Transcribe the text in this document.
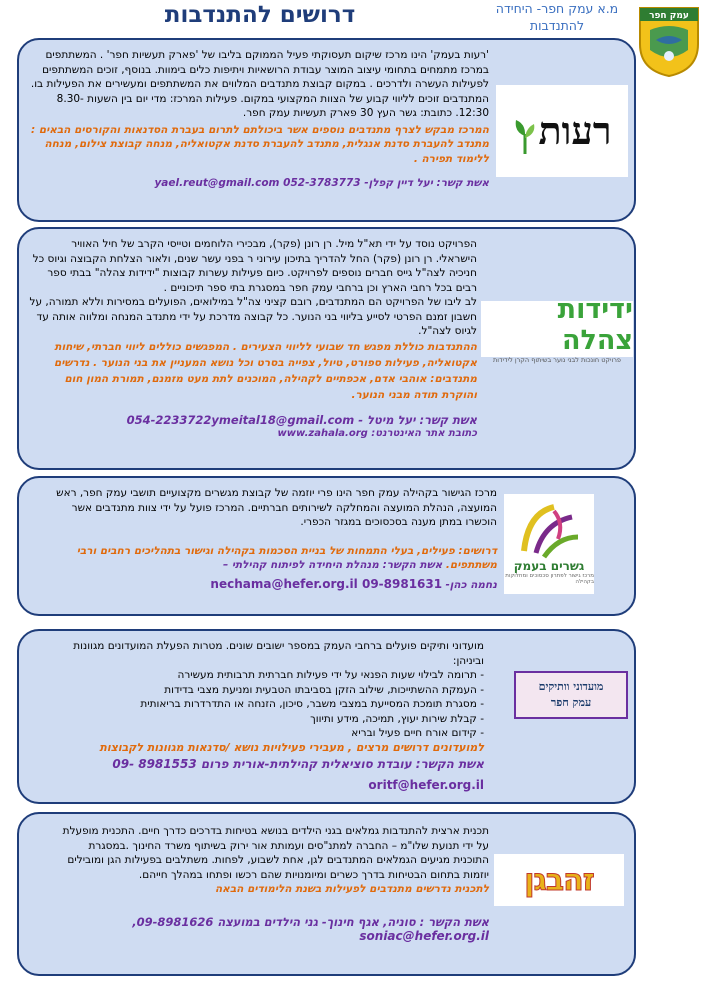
דרושים להתנדבות	מ.א עמק חפר- היחידה
להתנדבות
עמק חפר
רעות

'רעות בעמק' הינו מרכז שיקום תעסוקתי פעיל הממוקם בליבו של 'פארק תעשיות חפר' . המשתתפים במרכז מתמחים בתחומי עיצוב המוצר עבודת הרושאיות ויתיפות כלים בימוות. בנוסף, זוכים המשתתפים לפעילות העשרה ולדרכים . במקום קבוצת מתנדבים המלווים את המשתתפים ומעשירים את הפעילות בו. המתנדבים זוכים לליווי קבוע של הצוות המקצועי במקום. פעילות המרכז: מדי יום בין השעות 8.30-12:30. כתובת: גשר העץ 30 פארק תעשיות עמק חפר.

המרכז מבקש לצרף מתנדבים נוספים אשר ביכולתם לתרום בעברת הסדנאות והקורסים הבאים : מתנדב להעברת סדנת אנגלית, מתנדב להעברת סדנת אקטואליה, מנחה קבוצת צילום, מנחה ללימוד תפירה .

אשת קשר: יעל דיין קפלן- 052-3783773 yael.reut@gmail.com

ידידות צהלה
פרויקט חונכות לבני נוער בשיתוף הקרן לידידות

הפרויקט נוסד על ידי תא"ל מיל. רן רונן (פקר), מבכירי הלוחמים וטייסי הקרב של חיל האוויר הישראלי. רן רונן (פקר) החל להדריך בתיכון עירוני ר בפני עשר שנים, ולאור הצלחת הקבוצה וגיוס כל חניכיה לצה"ל גייס חברים נוספים לפרויקט. כיום פעילות עשרות קבוצות "ידידות צהלה" בבתי ספר רבים בכל רחבי הארץ וכן ברחבי עמק חפר במסגרת בתי ספר תיכוניים .

לב ליבו של הפרויקט הם המתנדבים, רובם קציני צה"ל במילואים, הפועלים במסירות וללא תמורה, על חשבון זמנם הפרטי לסייע בליווי בני הנוער. כל קבוצה מדרכת על ידי מתנדב המנחה ומלווה אותה עד לגיוס לצה"ל.

ההתנדבות כוללת מפגש חד שבועי לליווי הצעירים . המפגשים כוללים ליווי חברתי, שיחות אקטואליה, פעילות ספורט, טיול, צפייה בסרט וכל נושא המעניין את בני הנוער . נדרשים מתנדבים: אוהבי אדם, אכפתיים לקהילה, המוכנים לתת מעט מזמנם, תמורת המון חום והוקרת תודה מבני הנוער.

אשת קשר: יעל מיטל - 054-2233722ymeital18@gmail.com

כתובת אתר האינטרנט: www.zahala.org

גשרים בעמק
מרכז גישור לפתרון סכסוכים ומחלוקות בקהילה

מרכז הגישור בקהילה עמק חפר הינו פרי יוזמה של קבוצת מגשרים מקצועיים תושבי עמק חפר, ראש המועצה, הנהלת המועצה והמחלקה לשירותים חברתיים. המרכז פועל על ידי צוות מתנדבים אשר הוכשרו במתן מענה בסכסוכים במגזר הכפרי.

דרושים: פעילים, בעלי התמחות של בניית הסכמות בקהילה וגישור בתהליכים רחבים ורבי משתתפים. אשת הקשר: מנהלת היחידה לפיתוח קהילתי –

נחמה כהן- nechama@hefer.org.il 09-8981631

מועדוני וותיקים
עמק חפר

מועדוני ותיקים פועלים ברחבי העמק במספר ישובים שונים. מטרות הפעלת המועדונים מגוונות וביניהן:

- תרומה לבילוי שעות הפנאי על ידי פעילות חברתית תרבותית מעשירה
- העמקת ההשתייכות, שילוב הזקן בסביבתו הטבעית ומניעת מצבי בדידות
- מסגרת תומכת המסייעת במצבי משבר, סיכון, הזנחה או התדרדרות בריאותית
- קבלת שירות יעוץ, תמיכה, מידע ותיווך
- קידום אורח חיים פעיל ובריא

למועדונים דרושים מרצים , מעבירי פעילויות נושא /סדנאות מגוונות לקבוצות

אשת הקשר: עובדת סוציאלית קהילתית-אורית פרום 8981553 -09

oritf@hefer.org.il

זהבגן

תכנית ארצית להתנדבות גמלאים בגני הילדים בנושא בטיחות בדרכים כדרך חיים. התכנית מופעלת על ידי תנועת שלו"מ – החברה למתנ"סים ועמותת אור ירוק בשיתוף משרד החינוך .במסגרת התוכנית מגיעים הגמלאים המתנדבים לגן, אחת לשבוע, לפחות. משתלבים בפעילות הגן ומובילים יוזמות בתחום הבטיחות בדרך כשרים ומיומנויות שהם רכשו ופתחו במהלך חייהם.

לתכנית נדרשים מתנדבים לפעילות בשנת הלימודים הבאה

אשת הקשר : סוניה, אגף חינוך- גני הילדים במועצה 09-8981626,

soniac@hefer.org.il
